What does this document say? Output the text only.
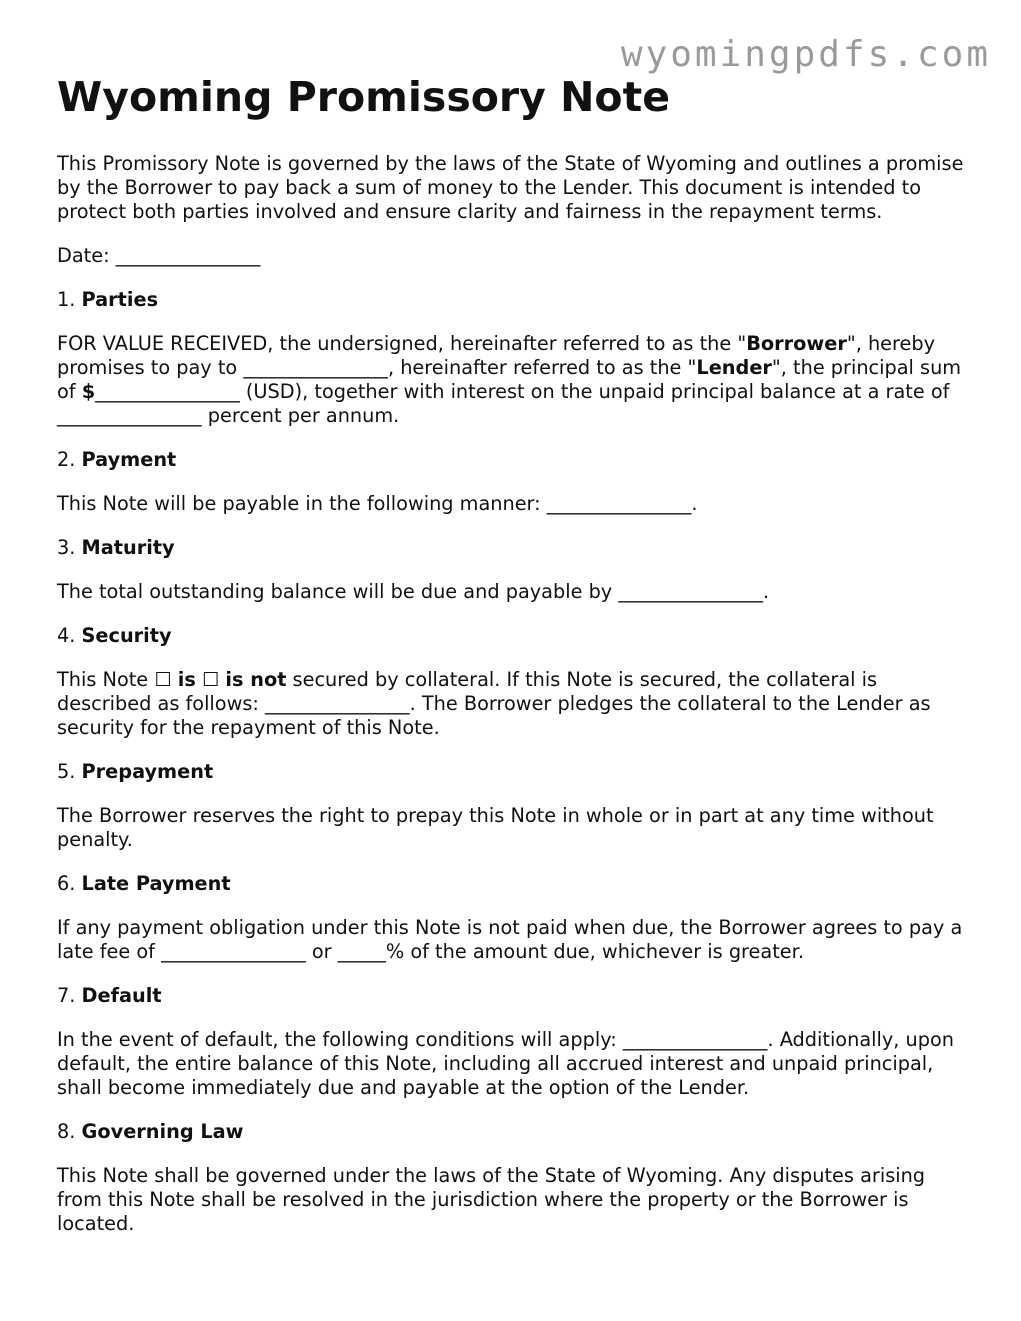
wyomingpdfs.com
Wyoming Promissory Note

This Promissory Note is governed by the laws of the State of Wyoming and outlines a promise by the Borrower to pay back a sum of money to the Lender. This document is intended to protect both parties involved and ensure clarity and fairness in the repayment terms.

Date: _______________

1. Parties

FOR VALUE RECEIVED, the undersigned, hereinafter referred to as the "Borrower", hereby promises to pay to _______________, hereinafter referred to as the "Lender", the principal sum of $_______________ (USD), together with interest on the unpaid principal balance at a rate of _______________ percent per annum.

2. Payment

This Note will be payable in the following manner: _______________.

3. Maturity

The total outstanding balance will be due and payable by _______________.

4. Security

This Note ☐ is ☐ is not secured by collateral. If this Note is secured, the collateral is described as follows: _______________. The Borrower pledges the collateral to the Lender as security for the repayment of this Note.

5. Prepayment

The Borrower reserves the right to prepay this Note in whole or in part at any time without penalty.

6. Late Payment

If any payment obligation under this Note is not paid when due, the Borrower agrees to pay a late fee of _______________ or _____% of the amount due, whichever is greater.

7. Default

In the event of default, the following conditions will apply: _______________. Additionally, upon default, the entire balance of this Note, including all accrued interest and unpaid principal, shall become immediately due and payable at the option of the Lender.

8. Governing Law

This Note shall be governed under the laws of the State of Wyoming. Any disputes arising from this Note shall be resolved in the jurisdiction where the property or the Borrower is located.
